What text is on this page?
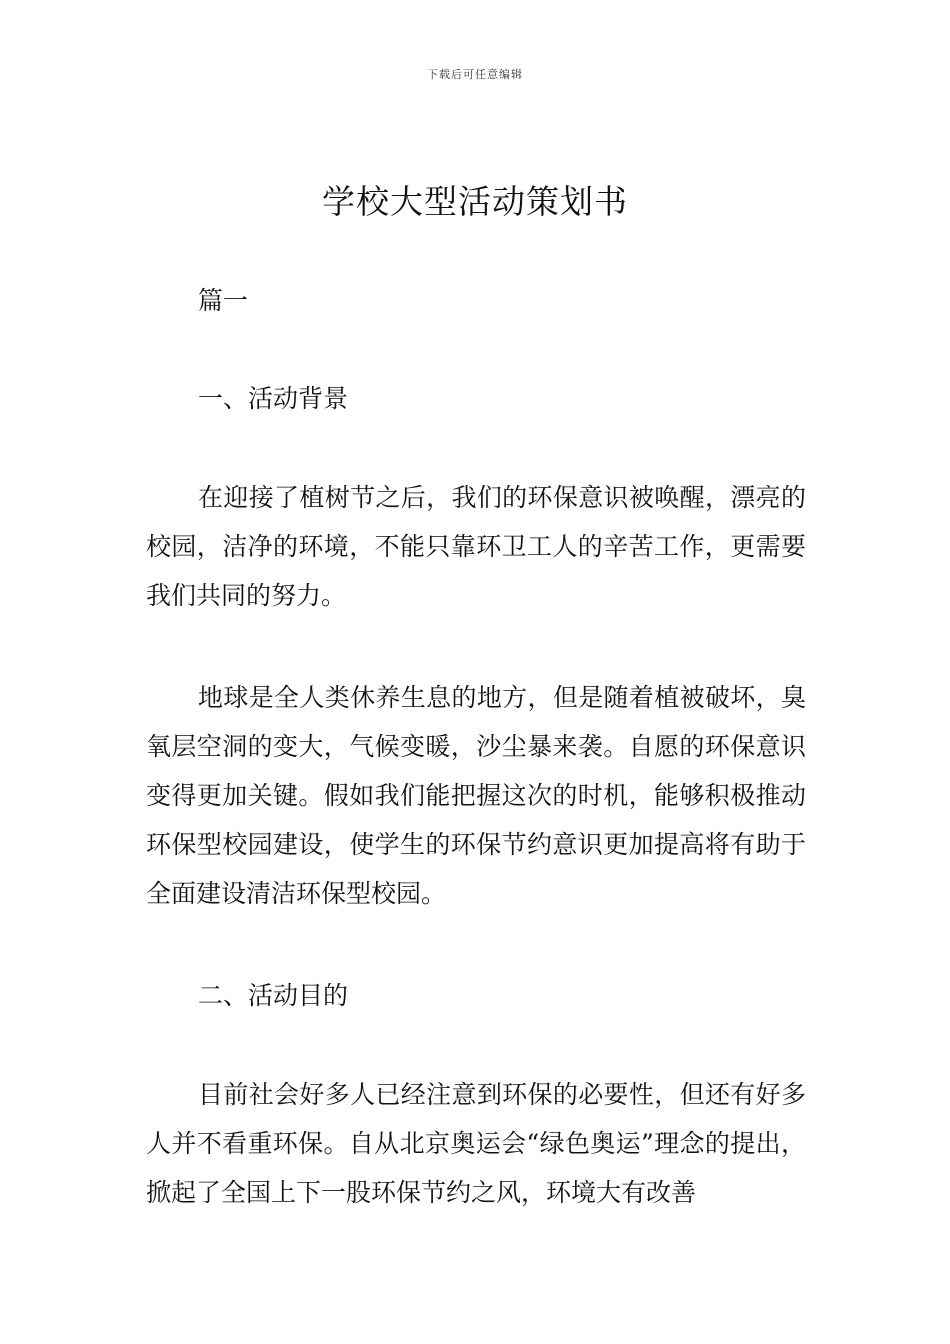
下载后可任意编辑
学校大型活动策划书

篇一

一、活动背景

在迎接了植树节之后，我们的环保意识被唤醒，漂亮的校园，洁净的环境，不能只靠环卫工人的辛苦工作，更需要我们共同的努力。

地球是全人类休养生息的地方，但是随着植被破坏，臭氧层空洞的变大，气候变暖，沙尘暴来袭。自愿的环保意识变得更加关键。假如我们能把握这次的时机，能够积极推动环保型校园建设，使学生的环保节约意识更加提高将有助于全面建设清洁环保型校园。

二、活动目的

目前社会好多人已经注意到环保的必要性，但还有好多人并不看重环保。自从北京奥运会“绿色奥运”理念的提出，掀起了全国上下一股环保节约之风，环境大有改善
